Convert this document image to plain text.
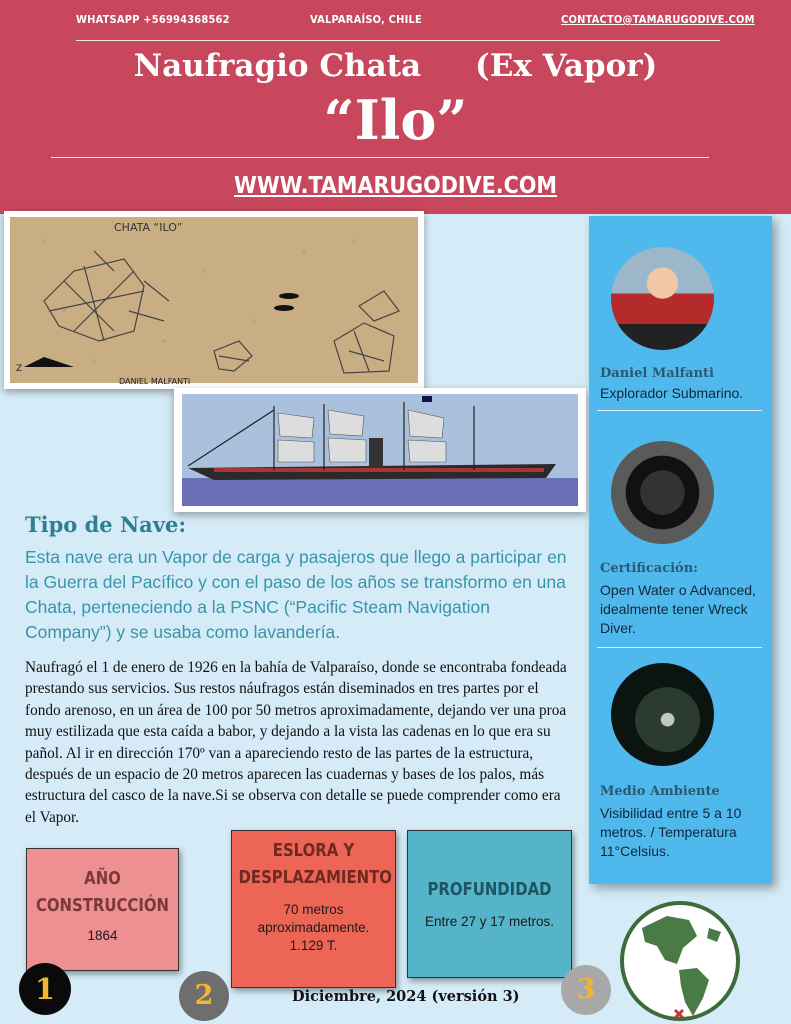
WHATSAPP +56994368562	VALPARAÍSO, CHILE	CONTACTO@TAMARUGODIVE.COM
Naufragio Chata     (Ex Vapor)
“Ilo”
WWW.TAMARUGODIVE.COM
CHATA “ILO”
Z
DANIEL MALFANTI
Daniel Malfanti
Explorador Submarino.
Certificación:
Open Water o Advanced, idealmente tener Wreck Diver.
Medio Ambiente
Visibilidad entre 5 a 10 metros. / Temperatura 11°Celsius.
Tipo de Nave:
Esta nave era un Vapor de carga y pasajeros que llego a participar en la Guerra del Pacífico y con el paso de los años se transformo en una Chata, perteneciendo a la PSNC (“Pacific Steam Navigation Company”) y se usaba como lavandería.
Naufragó el 1 de enero de 1926 en la bahía de Valparaíso, donde se encontraba fondeada prestando sus servicios. Sus restos náufragos están diseminados en tres partes por el fondo arenoso, en un área de 100 por 50 metros aproximadamente, dejando ver una proa muy estilizada que esta caída a babor, y dejando a la vista las cadenas en lo que era su pañol. Al ir en dirección 170º van a apareciendo resto de las partes de la estructura, después de un espacio de 20 metros aparecen las cuadernas y bases de los palos, más estructura del casco de la nave.Si se observa con detalle se puede comprender como era el Vapor.
AÑO CONSTRUCCIÓN
1864
ESLORA Y DESPLAZAMIENTO
70 metros aproximadamente. 1.129 T.
PROFUNDIDAD
Entre 27 y 17 metros.
1	2	3
Diciembre, 2024 (versión 3)
